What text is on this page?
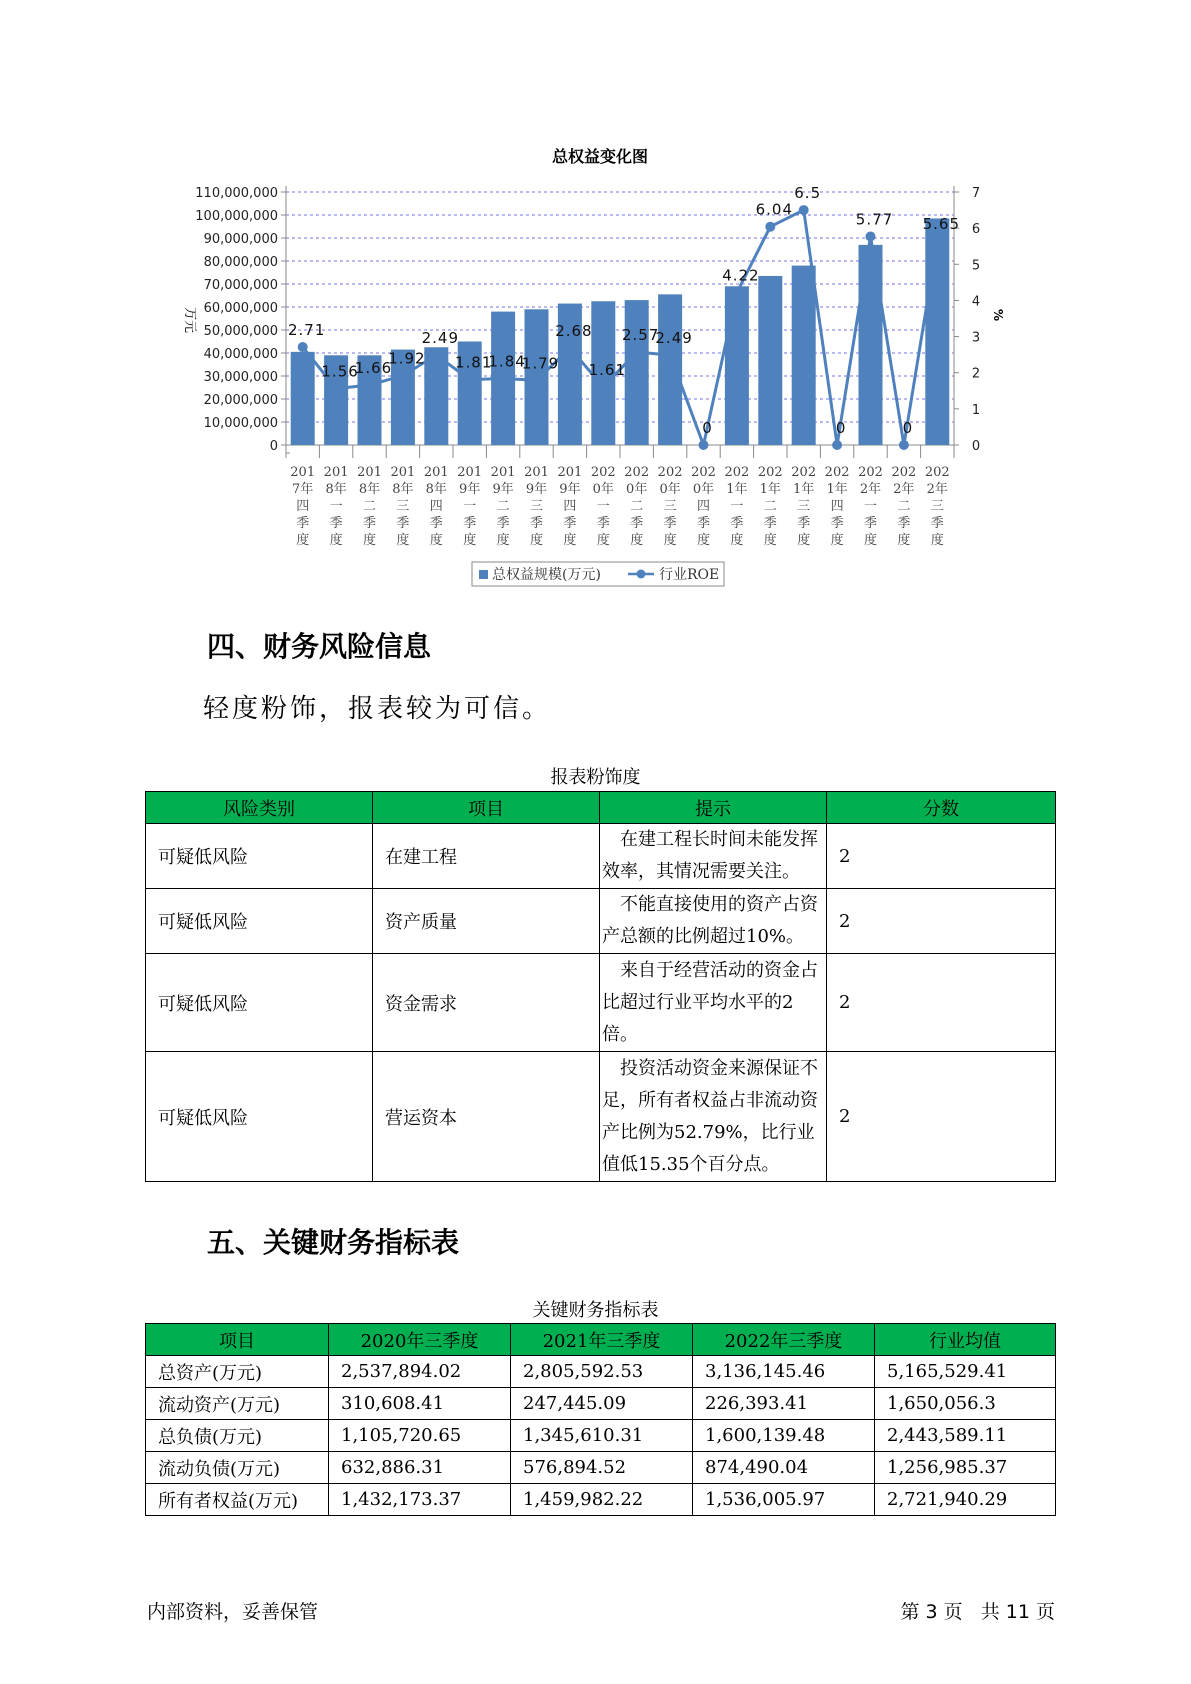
总权益变化图
0
10,000,000
20,000,000
30,000,000
40,000,000
50,000,000
60,000,000
70,000,000
80,000,000
90,000,000
100,000,000
110,000,000
0
1
2
3
4
5
6
7
万元	%
2.71
1.56
1.66
1.92
2.49
1.81
1.84
1.79
2.68
1.61
2.57
2.49
0
4.22
6.04
6.5
0
5.77
0
5.65
201
7年
四
季
度
201
8年
一
季
度
201
8年
二
季
度
201
8年
三
季
度
201
8年
四
季
度
201
9年
一
季
度
201
9年
二
季
度
201
9年
三
季
度
201
9年
四
季
度
202
0年
一
季
度
202
0年
二
季
度
202
0年
三
季
度
202
0年
四
季
度
202
1年
一
季
度
202
1年
二
季
度
202
1年
三
季
度
202
1年
四
季
度
202
2年
一
季
度
202
2年
二
季
度
202
2年
三
季
度
总权益规模(万元)	行业ROE
四、财务风险信息
轻度粉饰，报表较为可信。
报表粉饰度
风险类别	项目	提示	分数
可疑低风险	在建工程	在建工程长时间未能发挥效率，其情况需要关注。	2
可疑低风险	资产质量	不能直接使用的资产占资产总额的比例超过10%。	2
可疑低风险	资金需求	来自于经营活动的资金占比超过行业平均水平的2倍。	2
可疑低风险	营运资本	投资活动资金来源保证不足，所有者权益占非流动资产比例为52.79%，比行业值低15.35个百分点。	2
五、关键财务指标表
关键财务指标表
项目	2020年三季度	2021年三季度	2022年三季度	行业均值
总资产(万元)	2,537,894.02	2,805,592.53	3,136,145.46	5,165,529.41
流动资产(万元)	310,608.41	247,445.09	226,393.41	1,650,056.3
总负债(万元)	1,105,720.65	1,345,610.31	1,600,139.48	2,443,589.11
流动负债(万元)	632,886.31	576,894.52	874,490.04	1,256,985.37
所有者权益(万元)	1,432,173.37	1,459,982.22	1,536,005.97	2,721,940.29
内部资料，妥善保管	第 3 页   共 11 页
